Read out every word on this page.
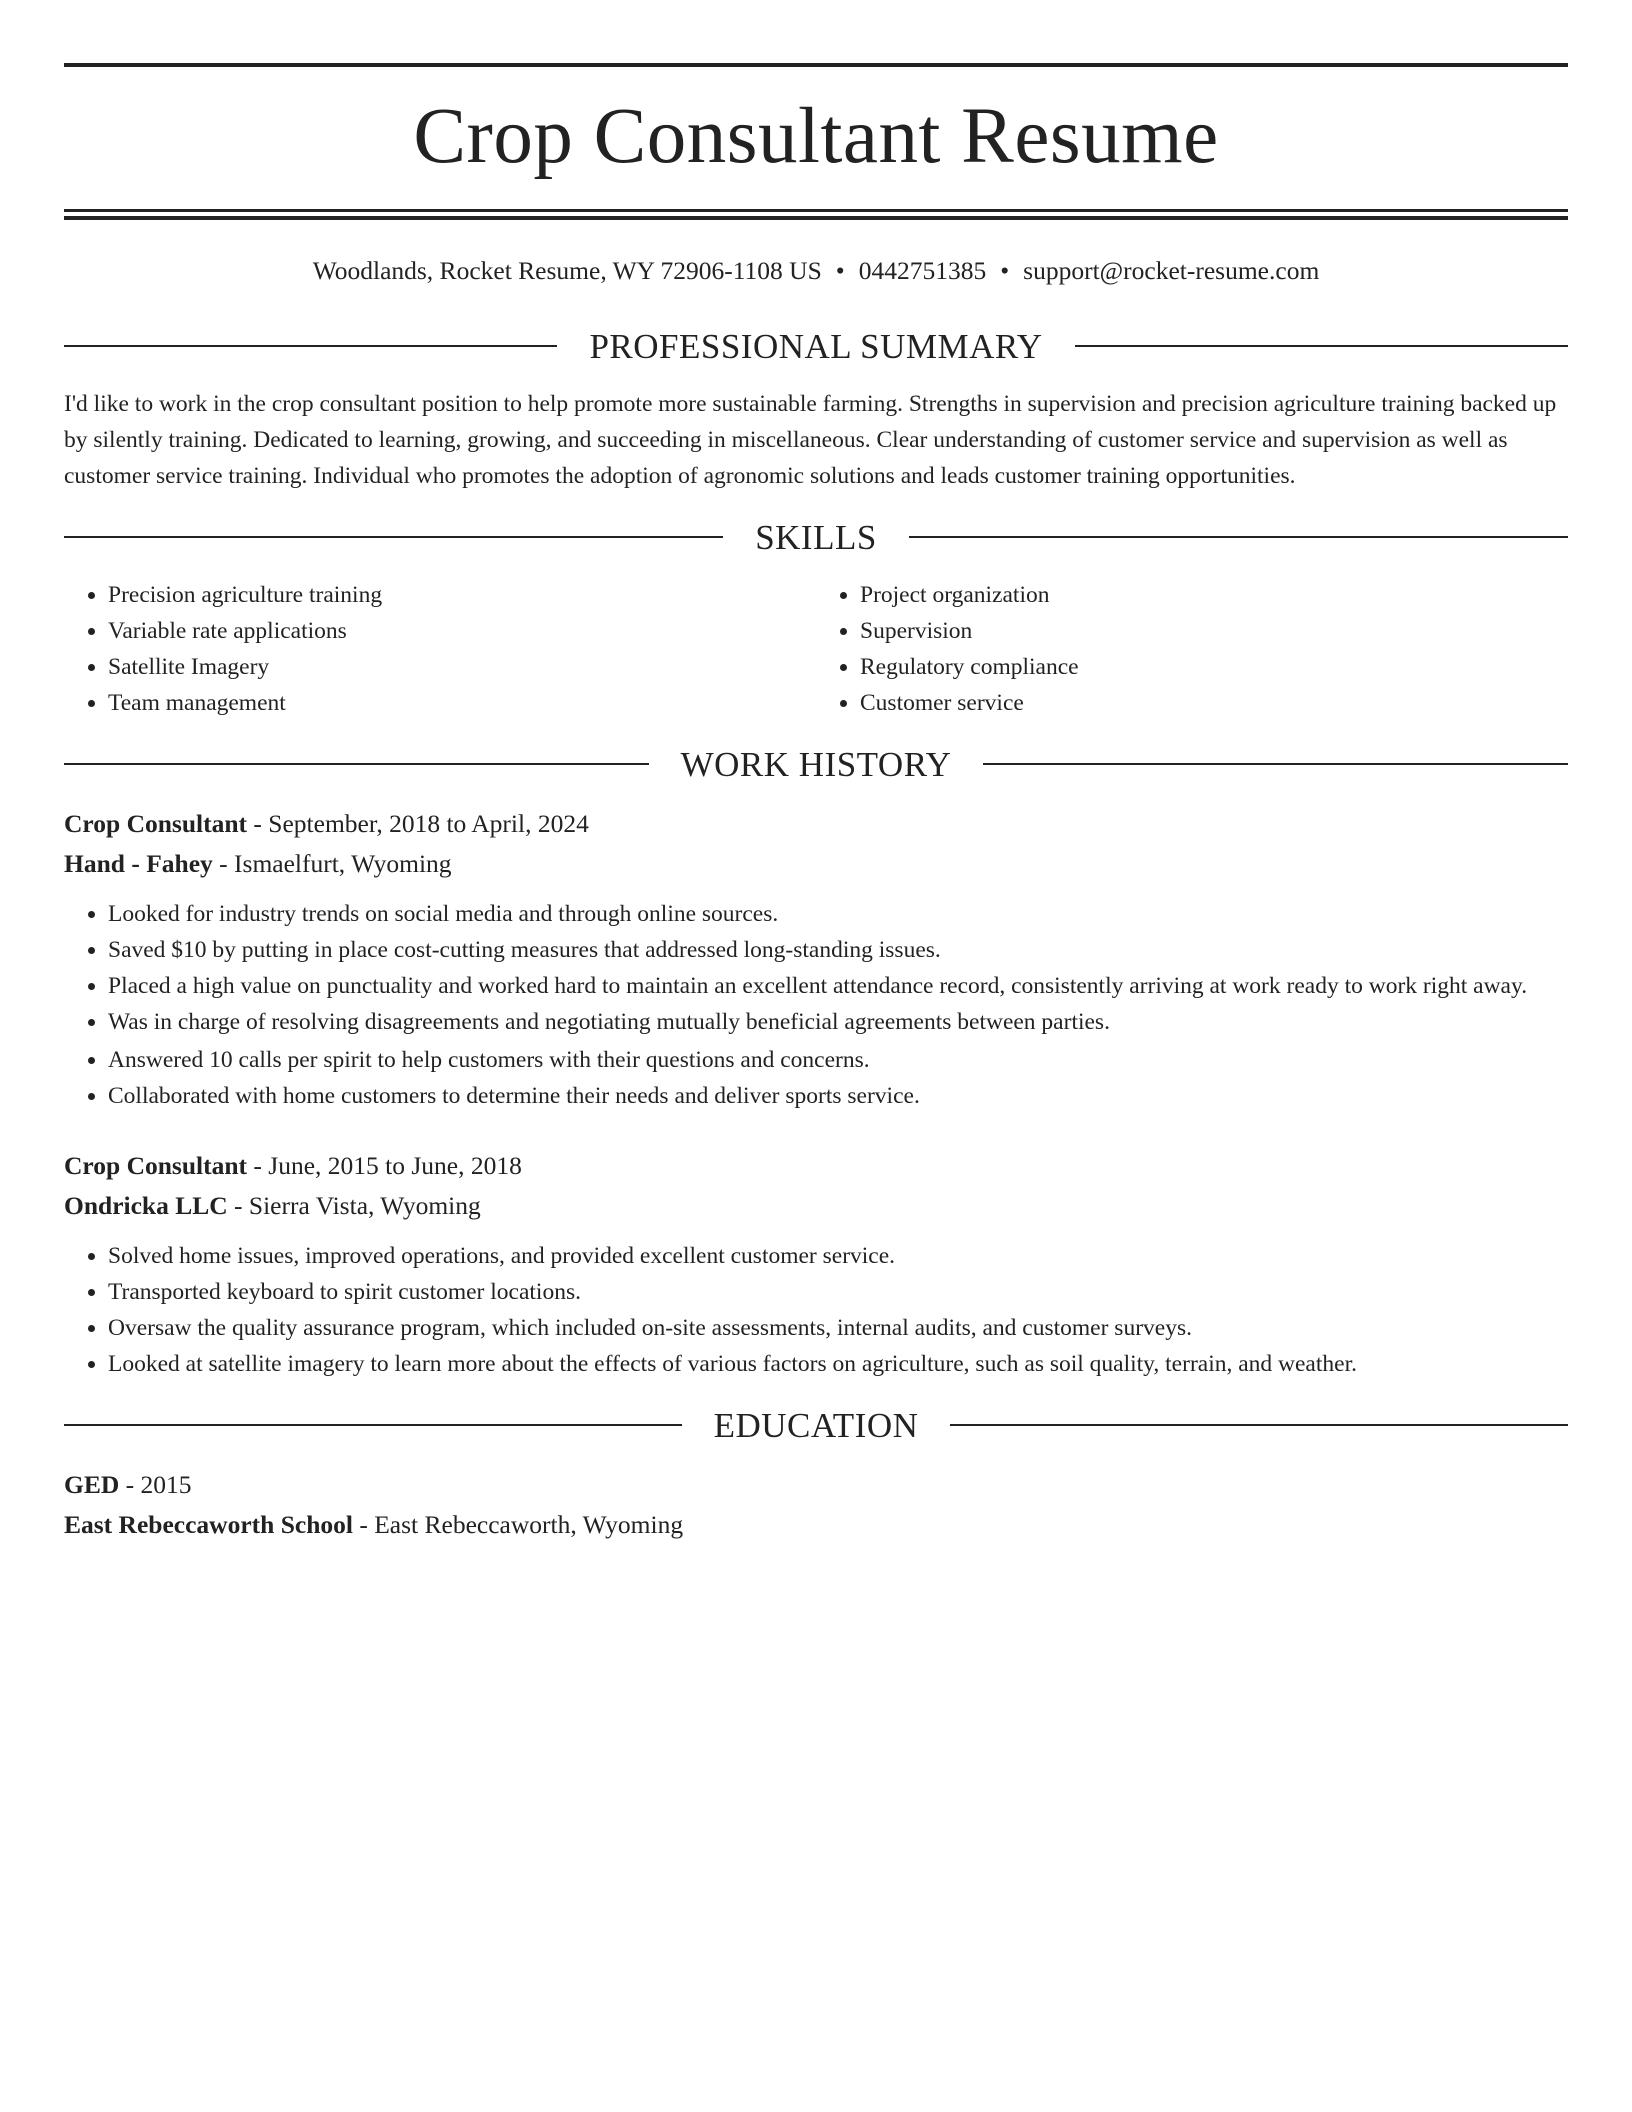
Crop Consultant Resume
Woodlands, Rocket Resume, WY 72906-1108 US • 0442751385 • support@rocket-resume.com
PROFESSIONAL SUMMARY

I'd like to work in the crop consultant position to help promote more sustainable farming. Strengths in supervision and precision agriculture training backed up by silently training. Dedicated to learning, growing, and succeeding in miscellaneous. Clear understanding of customer service and supervision as well as customer service training. Individual who promotes the adoption of agronomic solutions and leads customer training opportunities.

SKILLS
• Precision agriculture training
• Variable rate applications
• Satellite Imagery
• Team management
• Project organization
• Supervision
• Regulatory compliance
• Customer service
WORK HISTORY
Crop Consultant - September, 2018 to April, 2024
Hand - Fahey - Ismaelfurt, Wyoming
• Looked for industry trends on social media and through online sources.
• Saved $10 by putting in place cost-cutting measures that addressed long-standing issues.
• Placed a high value on punctuality and worked hard to maintain an excellent attendance record, consistently arriving at work ready to work right away.
• Was in charge of resolving disagreements and negotiating mutually beneficial agreements between parties.
• Answered 10 calls per spirit to help customers with their questions and concerns.
• Collaborated with home customers to determine their needs and deliver sports service.
Crop Consultant - June, 2015 to June, 2018
Ondricka LLC - Sierra Vista, Wyoming
• Solved home issues, improved operations, and provided excellent customer service.
• Transported keyboard to spirit customer locations.
• Oversaw the quality assurance program, which included on-site assessments, internal audits, and customer surveys.
• Looked at satellite imagery to learn more about the effects of various factors on agriculture, such as soil quality, terrain, and weather.
EDUCATION
GED - 2015
East Rebeccaworth School - East Rebeccaworth, Wyoming
